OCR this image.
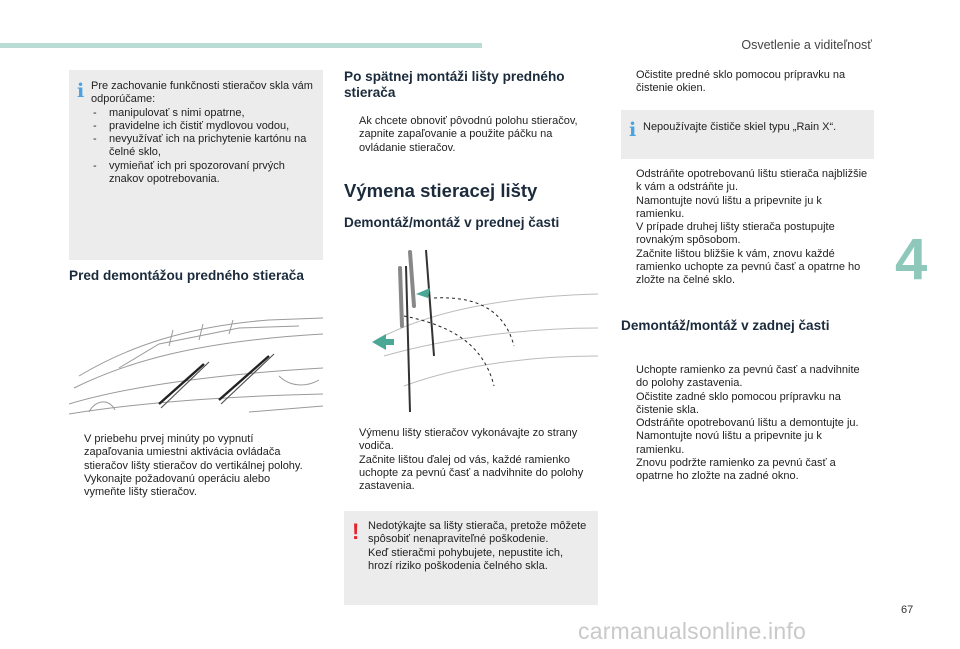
Osvetlenie a viditeľnosť
4
i Pre zachovanie funkčnosti stieračov skla vám odporúčame:
- manipulovať s nimi opatrne,
- pravidelne ich čistiť mydlovou vodou,
- nevyužívať ich na prichytenie kartónu na čelné sklo,
- vymieňať ich pri spozorovaní prvých znakov opotrebovania.
Pred demontážou predného stierača
V priebehu prvej minúty po vypnutí zapaľovania umiestni aktivácia ovládača stieračov lišty stieračov do vertikálnej polohy.
Vykonajte požadovanú operáciu alebo vymeňte lišty stieračov.
Po spätnej montáži lišty predného stierača
Ak chcete obnoviť pôvodnú polohu stieračov, zapnite zapaľovanie a použite páčku na ovládanie stieračov.
Výmena stieracej lišty
Demontáž/montáž v prednej časti
Výmenu lišty stieračov vykonávajte zo strany vodiča.
Začnite lištou ďalej od vás, každé ramienko uchopte za pevnú časť a nadvihnite do polohy zastavenia.
! Nedotýkajte sa lišty stierača, pretože môžete spôsobiť nenapraviteľné poškodenie.
Keď stieračmi pohybujete, nepustite ich, hrozí riziko poškodenia čelného skla.
Očistite predné sklo pomocou prípravku na čistenie okien.
i Nepoužívajte čističe skiel typu „Rain X“.
Odstráňte opotrebovanú lištu stierača najbližšie k vám a odstráňte ju.
Namontujte novú lištu a pripevnite ju k ramienku.
V prípade druhej lišty stierača postupujte rovnakým spôsobom.
Začnite lištou bližšie k vám, znovu každé ramienko uchopte za pevnú časť a opatrne ho zložte na čelné sklo.
Demontáž/montáž v zadnej časti
Uchopte ramienko za pevnú časť a nadvihnite do polohy zastavenia.
Očistite zadné sklo pomocou prípravku na čistenie skla.
Odstráňte opotrebovanú lištu a demontujte ju.
Namontujte novú lištu a pripevnite ju k ramienku.
Znovu podržte ramienko za pevnú časť a opatrne ho zložte na zadné okno.
67
carmanualsonline.info
